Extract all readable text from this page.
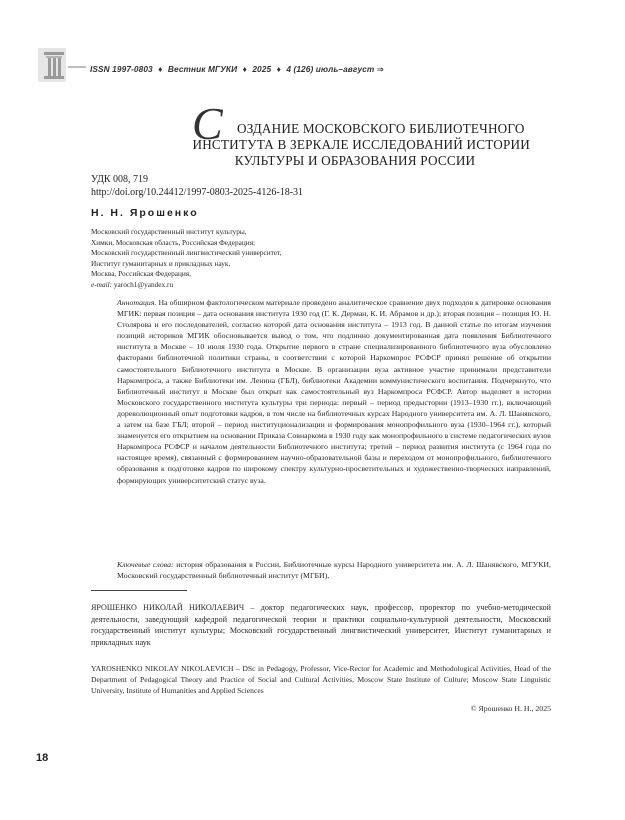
ISSN 1997-0803 ♦ Вестник МГУКИ ♦ 2025 ♦ 4 (126) июль–август ⇒
С	ОЗДАНИЕ МОСКОВСКОГО БИБЛИОТЕЧНОГО
ИНСТИТУТА В ЗЕРКАЛЕ ИССЛЕДОВАНИЙ ИСТОРИИ
КУЛЬТУРЫ И ОБРАЗОВАНИЯ РОССИИ
УДК 008, 719
http://doi.org/10.24412/1997-0803-2025-4126-18-31
Н. Н. Ярошенко
Московский государственный институт культуры,
Химки, Московская область, Российская Федерация;
Московский государственный лингвистический университет,
Институт гуманитарных и прикладных наук,
Москва, Российская Федерация,
e-mail: yaroch1@yandex.ru
Аннотация. На обширном фактологическом материале проведено аналитическое сравнение двух подходов к датировке основания МГИК: первая позиция – дата основания института 1930 год (Г. К. Дерман, К. И. Абрамов и др.); вторая позиция – позиция Ю. Н. Столярова и его последователей, согласно которой дата основания института – 1913 год. В данной статье по итогам изучения позиций историков МГИК обосновывается вывод о том, что подлинно документированная дата появления Библиотечного института в Москве – 10 июля 1930 года. Открытие первого в стране специализированного библиотечного вуза обусловлено факторами библиотечной политики страны, в соответствии с которой Наркомпрос РСФСР принял решение об открытии самостоятельного Библиотечного института в Москве. В организации вуза активное участие принимали представители Наркомпроса, а также Библиотеки им. Ленина (ГБЛ), библиотеки Академии коммунистического воспитания. Подчеркнуто, что Библиотечный институт в Москве был открыт как самостоятельный вуз Наркомпроса РСФСР. Автор выделяет в истории Московского государственного института культуры три периода: первый – период предыстории (1913–1930 гг.), включающий дореволюционный опыт подготовки кадров, в том числе на библиотечных курсах Народного университета им. А. Л. Шанявского, а затем на базе ГБЛ; второй – период институционализации и формирования монопрофильного вуза (1930–1964 гг.), который знаменуется его открытием на основании Приказа Совнаркома в 1930 году как монопрофильного в системе педагогических вузов Наркомпроса РСФСР и началом деятельности Библиотечного института; третий – период развития института (с 1964 года по настоящее время), связанный с формированием научно-образовательной базы и переходом от монопрофильного, библиотечного образования к подготовке кадров по широкому спектру культурно-просветительных и художественно-творческих направлений, формирующих университетский статус вуза.
Ключевые слова: история образования в России, Библиотечные курсы Народного университета им. А. Л. Шанявского, МГУКИ, Московский государственный библиотечный институт (МГБИ),
ЯРОШЕНКО НИКОЛАЙ НИКОЛАЕВИЧ – доктор педагогических наук, профессор, проректор по учебно-методической деятельности, заведующий кафедрой педагогической теории и практики социально-культурной деятельности, Московский государственный институт культуры; Московский государственный лингвистический университет, Институт гуманитарных и прикладных наук
YAROSHENKO NIKOLAY NIKOLAEVICH – DSc in Pedagogy, Professor, Vice-Rector for Academic and Methodological Activities, Head of the Department of Pedagogical Theory and Practice of Social and Cultural Activities, Moscow State Institute of Culture; Moscow State Linguistic University, Institute of Humanities and Applied Sciences
© Ярошенко Н. Н., 2025
18
